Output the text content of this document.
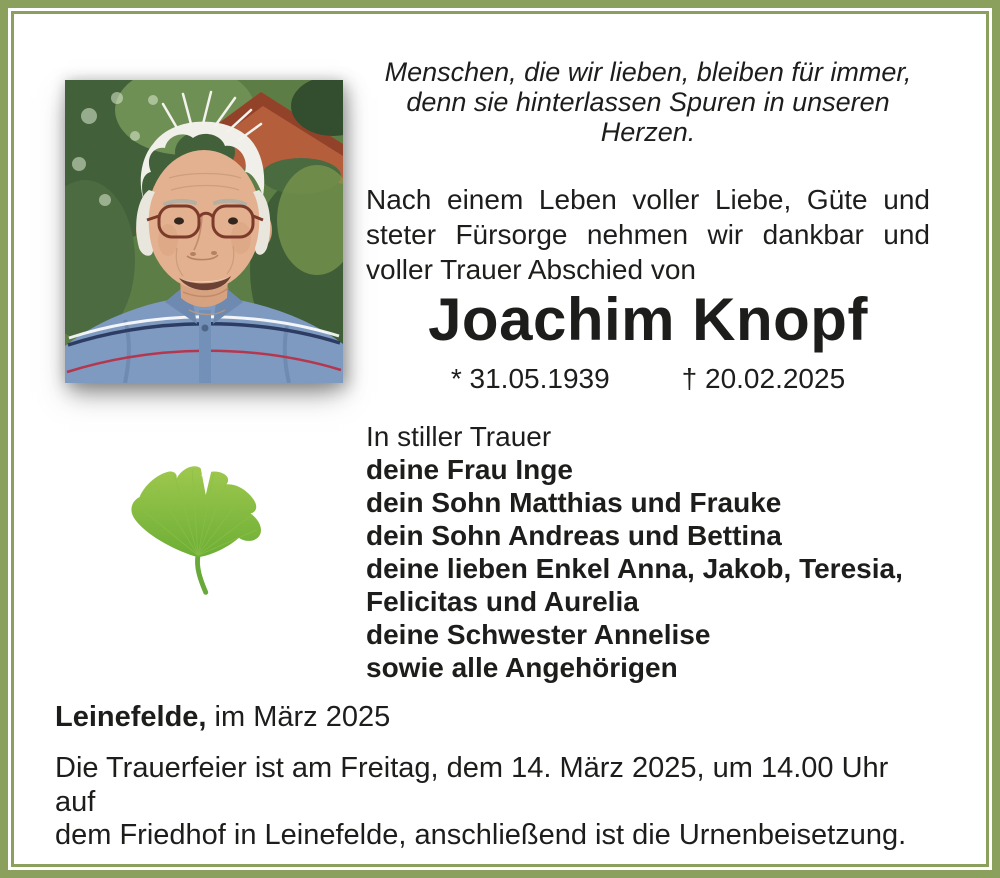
Menschen, die wir lieben, bleiben für immer,
denn sie hinterlassen Spuren in unseren
Herzen.
Nach einem Leben voller Liebe, Güte und
steter Fürsorge nehmen wir dankbar und
voller Trauer Abschied von
Joachim Knopf
* 31.05.1939	† 20.02.2025
In stiller Trauer
deine Frau Inge
dein Sohn Matthias und Frauke
dein Sohn Andreas und Bettina
deine lieben Enkel Anna, Jakob, Teresia,
Felicitas und Aurelia
deine Schwester Annelise
sowie alle Angehörigen
Leinefelde, im März 2025
Die Trauerfeier ist am Freitag, dem 14. März 2025, um 14.00 Uhr auf
dem Friedhof in Leinefelde, anschließend ist die Urnenbeisetzung.
